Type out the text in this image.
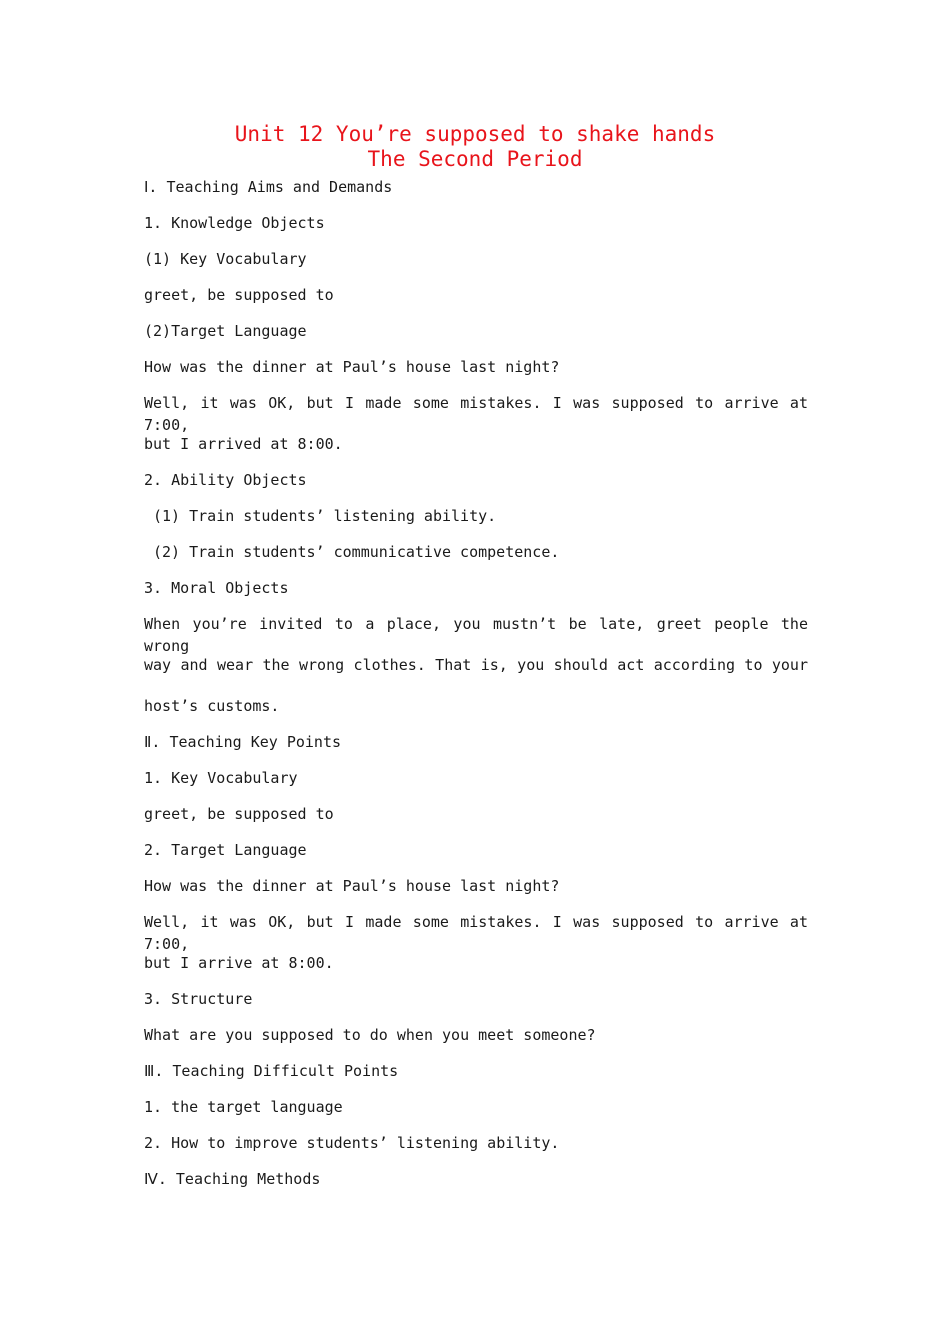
Unit 12 You’re supposed to shake hands
The Second Period
Ⅰ. Teaching Aims and Demands
1. Knowledge Objects
(1) Key Vocabulary
greet, be supposed to
(2)Target Language
How was the dinner at Paul’s house last night?
Well, it was OK, but I made some mistakes. I was supposed to arrive at 7:00,
but I arrived at 8:00.
2. Ability Objects
(1) Train students’ listening ability.
(2) Train students’ communicative competence.
3. Moral Objects
When you’re invited to a place, you mustn’t be late, greet people the wrong
way and wear the wrong clothes. That is, you should act according to your
host’s customs.
Ⅱ. Teaching Key Points
1. Key Vocabulary
greet, be supposed to
2. Target Language
How was the dinner at Paul’s house last night?
Well, it was OK, but I made some mistakes. I was supposed to arrive at 7:00,
but I arrive at 8:00.
3. Structure
What are you supposed to do when you meet someone?
Ⅲ. Teaching Difficult Points
1. the target language
2. How to improve students’ listening ability.
Ⅳ. Teaching Methods
